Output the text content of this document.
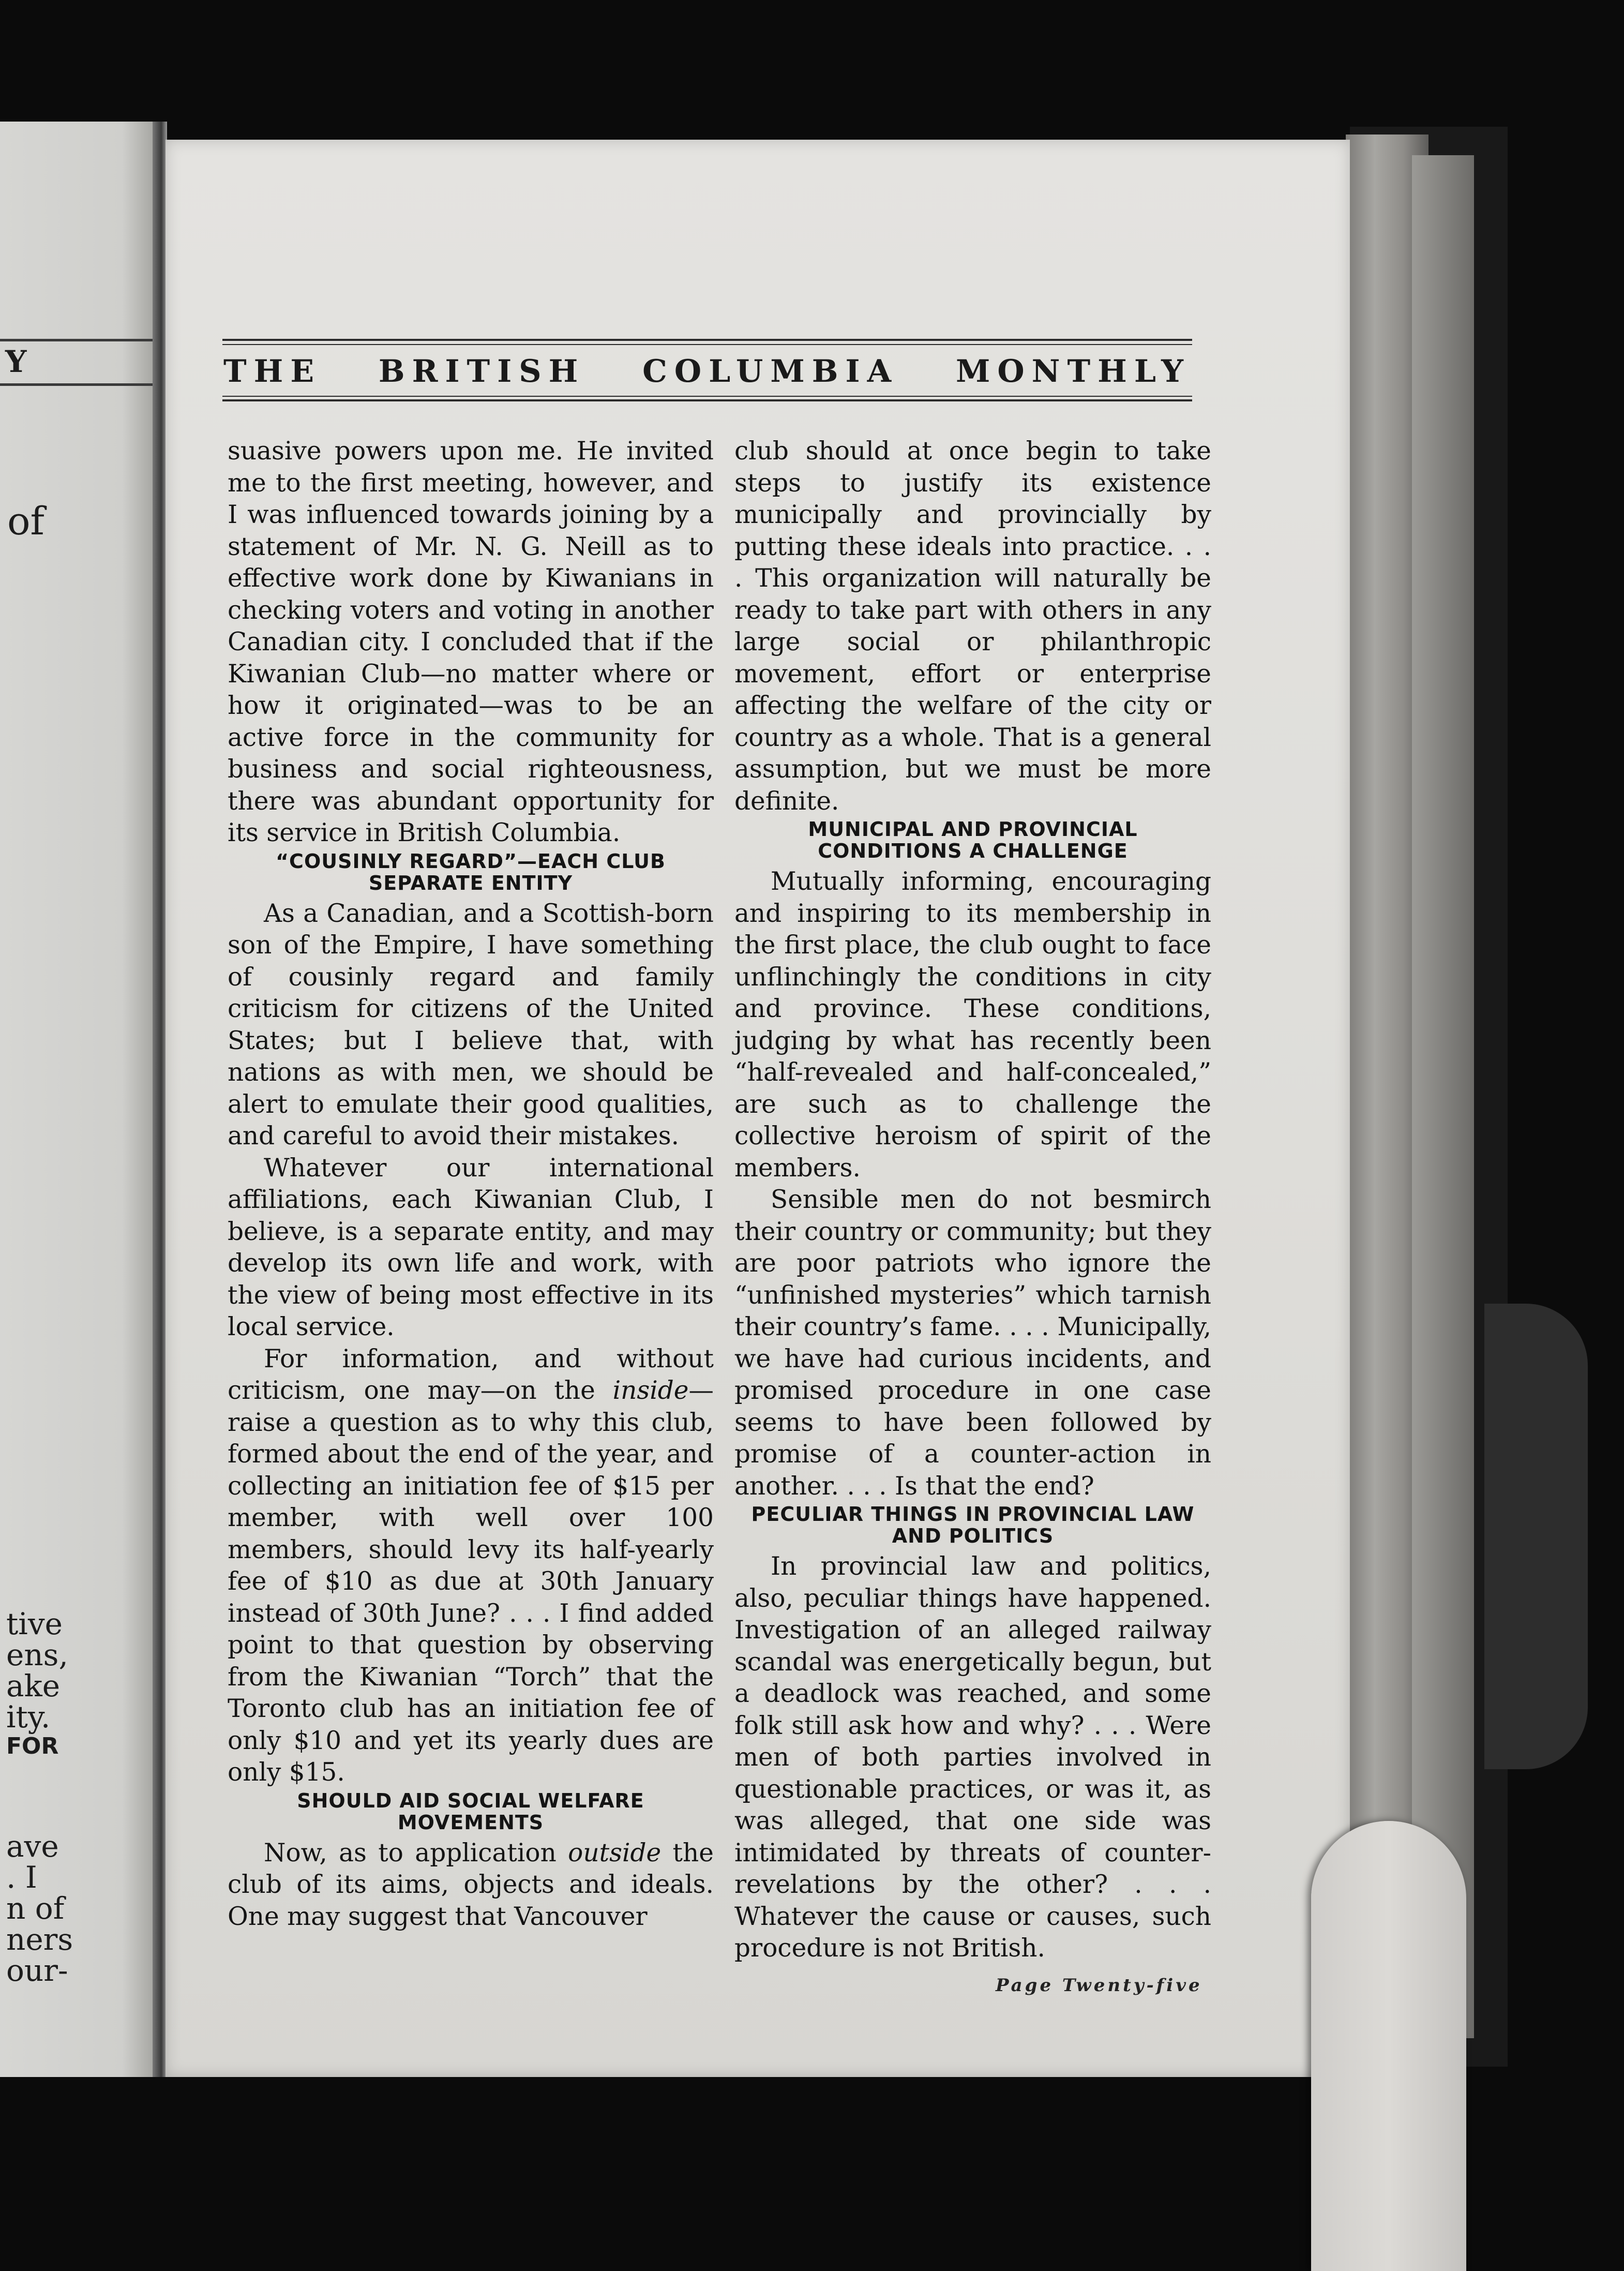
Y
of
tive
ens,
ake
ity.
FOR
ave
. I
n of
ners
our-
THE BRITISH COLUMBIA MONTHLY

suasive powers upon me. He invited me to the first meeting, however, and I was influenced towards joining by a statement of Mr. N. G. Neill as to effective work done by Kiwanians in checking voters and voting in another Canadian city. I concluded that if the Kiwanian Club—no matter where or how it originated—was to be an active force in the community for business and social righteousness, there was abundant opportunity for its service in British Columbia.

“COUSINLY REGARD”—EACH CLUB SEPARATE ENTITY

As a Canadian, and a Scottish-born son of the Empire, I have something of cousinly regard and family criticism for citizens of the United States; but I believe that, with nations as with men, we should be alert to emulate their good qualities, and careful to avoid their mistakes.

Whatever our international affiliations, each Kiwanian Club, I believe, is a separate entity, and may develop its own life and work, with the view of being most effective in its local service.

For information, and without criticism, one may—on the inside— raise a question as to why this club, formed about the end of the year, and collecting an initiation fee of $15 per member, with well over 100 members, should levy its half-yearly fee of $10 as due at 30th January instead of 30th June? . . . I find added point to that question by observing from the Kiwanian “Torch” that the Toronto club has an initiation fee of only $10 and yet its yearly dues are only $15.

SHOULD AID SOCIAL WELFARE MOVEMENTS

Now, as to application outside the club of its aims, objects and ideals. One may suggest that Vancouver

club should at once begin to take steps to justify its existence municipally and provincially by putting these ideals into practice. . . . This organization will naturally be ready to take part with others in any large social or philanthropic movement, effort or enterprise affecting the welfare of the city or country as a whole. That is a general assumption, but we must be more definite.

MUNICIPAL AND PROVINCIAL CONDITIONS A CHALLENGE

Mutually informing, encouraging and inspiring to its membership in the first place, the club ought to face unflinchingly the conditions in city and province. These conditions, judging by what has recently been “half-revealed and half-concealed,” are such as to challenge the collective heroism of spirit of the members.

Sensible men do not besmirch their country or community; but they are poor patriots who ignore the “unfinished mysteries” which tarnish their country’s fame. . . . Municipally, we have had curious incidents, and promised procedure in one case seems to have been followed by promise of a counter-action in another. . . . Is that the end?

PECULIAR THINGS IN PROVINCIAL LAW AND POLITICS

In provincial law and politics, also, peculiar things have happened. Investigation of an alleged railway scandal was energetically begun, but a deadlock was reached, and some folk still ask how and why? . . . Were men of both parties involved in questionable practices, or was it, as was alleged, that one side was intimidated by threats of counter-revelations by the other? . . . Whatever the cause or causes, such procedure is not British.

Page Twenty-five
